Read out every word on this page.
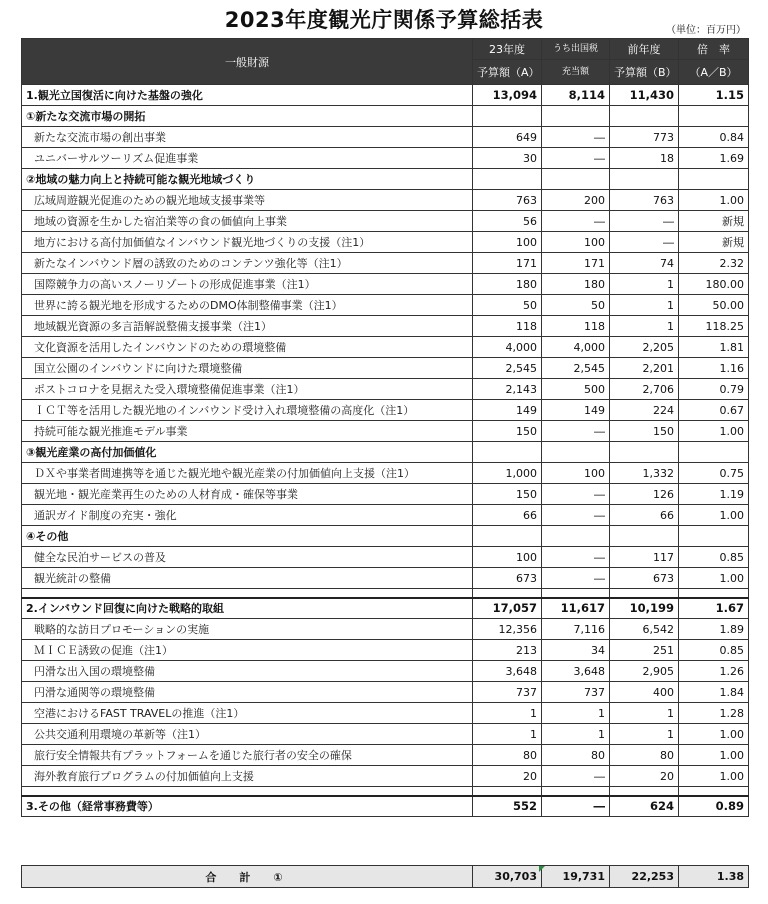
2023年度観光庁関係予算総括表	（単位：百万円）
一般財源	23年度	うち出国税	前年度	倍　率
	予算額（A）	充当額	予算額（B）	（A／B）
1.観光立国復活に向けた基盤の強化	13,094	8,114	11,430	1.15
①新たな交流市場の開拓				
新たな交流市場の創出事業	649	―	773	0.84
ユニバーサルツーリズム促進事業	30	―	18	1.69
②地域の魅力向上と持続可能な観光地域づくり				
広域周遊観光促進のための観光地域支援事業等	763	200	763	1.00
地域の資源を生かした宿泊業等の食の価値向上事業	56	―	―	新規
地方における高付加価値なインバウンド観光地づくりの支援（注1）	100	100	―	新規
新たなインバウンド層の誘致のためのコンテンツ強化等（注1）	171	171	74	2.32
国際競争力の高いスノーリゾートの形成促進事業（注1）	180	180	1	180.00
世界に誇る観光地を形成するためのDMO体制整備事業（注1）	50	50	1	50.00
地域観光資源の多言語解説整備支援事業（注1）	118	118	1	118.25
文化資源を活用したインバウンドのための環境整備	4,000	4,000	2,205	1.81
国立公園のインバウンドに向けた環境整備	2,545	2,545	2,201	1.16
ポストコロナを見据えた受入環境整備促進事業（注1）	2,143	500	2,706	0.79
ＩＣＴ等を活用した観光地のインバウンド受け入れ環境整備の高度化（注1）	149	149	224	0.67
持続可能な観光推進モデル事業	150	―	150	1.00
③観光産業の高付加価値化				
ＤＸや事業者間連携等を通じた観光地や観光産業の付加価値向上支援（注1）	1,000	100	1,332	0.75
観光地・観光産業再生のための人材育成・確保等事業	150	―	126	1.19
通訳ガイド制度の充実・強化	66	―	66	1.00
④その他				
健全な民泊サービスの普及	100	―	117	0.85
観光統計の整備	673	―	673	1.00

2.インバウンド回復に向けた戦略的取組	17,057	11,617	10,199	1.67
戦略的な訪日プロモーションの実施	12,356	7,116	6,542	1.89
ＭＩＣＥ誘致の促進（注1）	213	34	251	0.85
円滑な出入国の環境整備	3,648	3,648	2,905	1.26
円滑な通関等の環境整備	737	737	400	1.84
空港におけるFAST TRAVELの推進（注1）	1	1	1	1.28
公共交通利用環境の革新等（注1）	1	1	1	1.00
旅行安全情報共有プラットフォームを通じた旅行者の安全の確保	80	80	80	1.00
海外教育旅行プログラムの付加価値向上支援	20	―	20	1.00

3.その他（経常事務費等）	552	―	624	0.89
合　計　①	30,703	19,731	22,253	1.38
